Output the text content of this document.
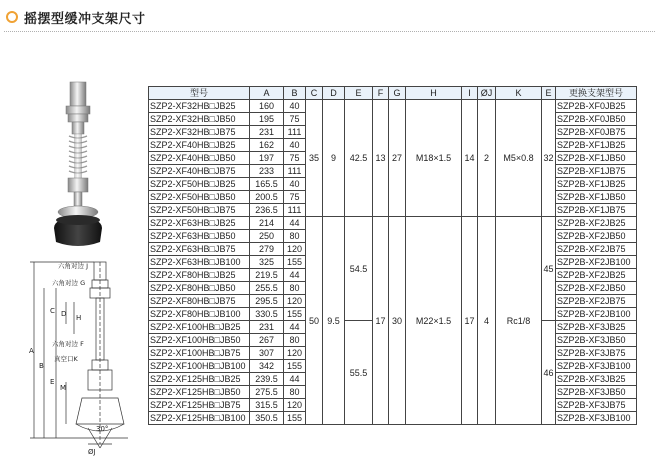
摇摆型缓冲支架尺寸
六角对边 J
六角对边 G
六角对边 F
真空口K
A
B
C D H
E
M
30°
ØJ
型号	A	B	C	D	E	F	G	H	I	ØJ	K	E	更换支架型号
SZP2-XF32HB□JB25	160	40	35	9	42.5	13	27	M18×1.5	14	2	M5×0.8	32	SZP2B-XF0JB25
SZP2-XF32HB□JB50	195	75											SZP2B-XF0JB50
SZP2-XF32HB□JB75	231	111											SZP2B-XF0JB75
SZP2-XF40HB□JB25	162	40											SZP2B-XF1JB25
SZP2-XF40HB□JB50	197	75											SZP2B-XF1JB50
SZP2-XF40HB□JB75	233	111											SZP2B-XF1JB75
SZP2-XF50HB□JB25	165.5	40											SZP2B-XF1JB25
SZP2-XF50HB□JB50	200.5	75											SZP2B-XF1JB50
SZP2-XF50HB□JB75	236.5	111											SZP2B-XF1JB75
SZP2-XF63HB□JB25	214	44	50	9.5	54.5	17	30	M22×1.5	17	4	Rc1/8	45	SZP2B-XF2JB25
SZP2-XF63HB□JB50	250	80											SZP2B-XF2JB50
SZP2-XF63HB□JB75	279	120											SZP2B-XF2JB75
SZP2-XF63HB□JB100	325	155											SZP2B-XF2JB100
SZP2-XF80HB□JB25	219.5	44											SZP2B-XF2JB25
SZP2-XF80HB□JB50	255.5	80											SZP2B-XF2JB50
SZP2-XF80HB□JB75	295.5	120											SZP2B-XF2JB75
SZP2-XF80HB□JB100	330.5	155											SZP2B-XF2JB100
SZP2-XF100HB□JB25	231	44			55.5							46	SZP2B-XF3JB25
SZP2-XF100HB□JB50	267	80											SZP2B-XF3JB50
SZP2-XF100HB□JB75	307	120											SZP2B-XF3JB75
SZP2-XF100HB□JB100	342	155											SZP2B-XF3JB100
SZP2-XF125HB□JB25	239.5	44											SZP2B-XF3JB25
SZP2-XF125HB□JB50	275.5	80											SZP2B-XF3JB50
SZP2-XF125HB□JB75	315.5	120											SZP2B-XF3JB75
SZP2-XF125HB□JB100	350.5	155											SZP2B-XF3JB100
